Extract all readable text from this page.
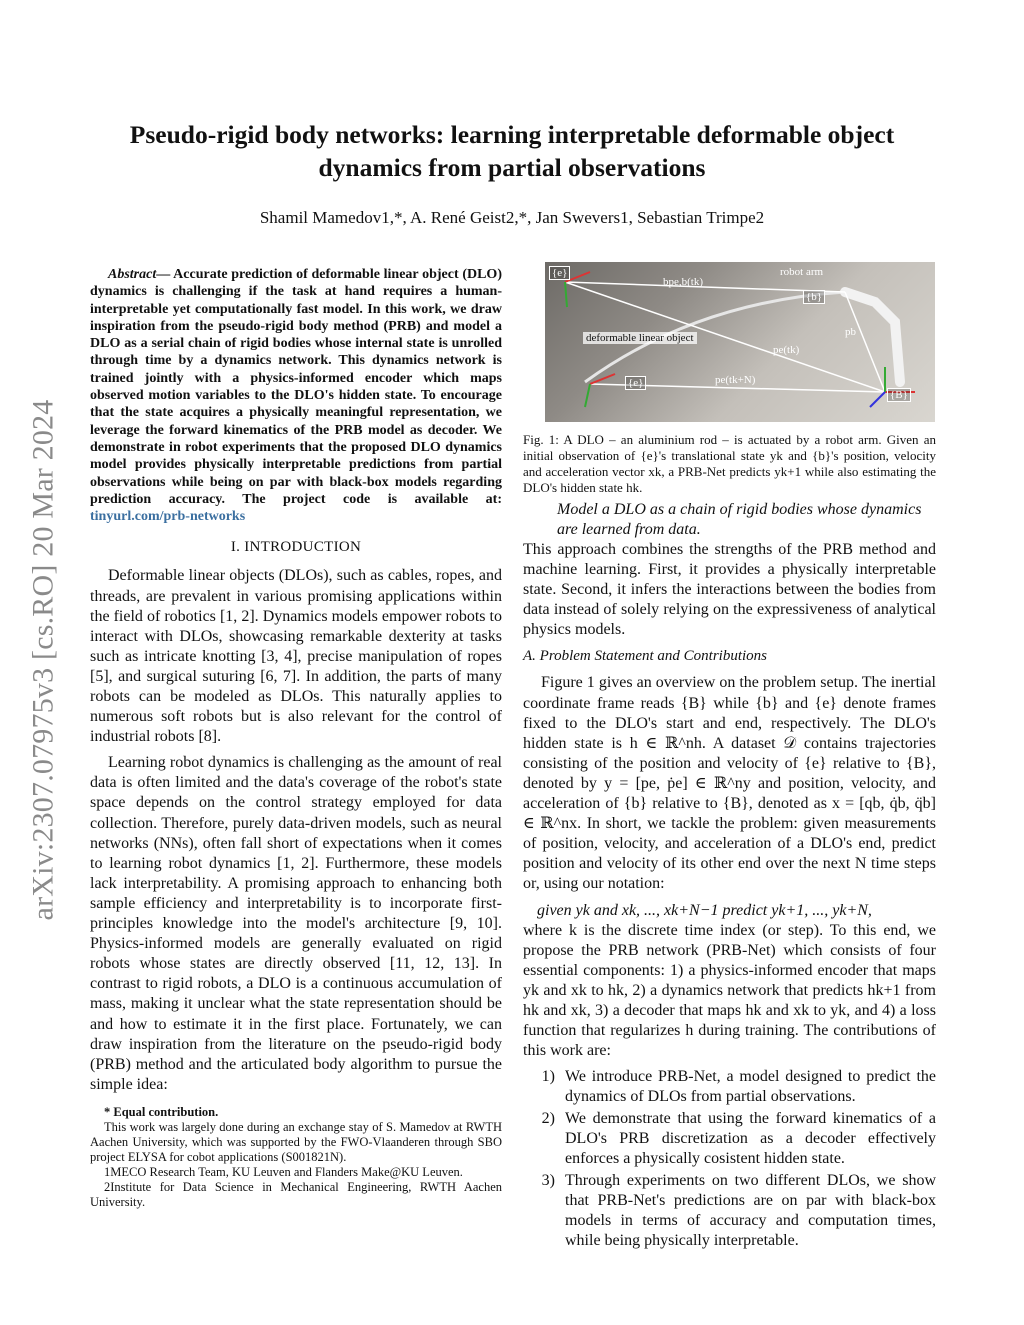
arXiv:2307.07975v3 [cs.RO] 20 Mar 2024
Pseudo-rigid body networks: learning interpretable deformable object dynamics from partial observations
Shamil Mamedov1,*, A. René Geist2,*, Jan Swevers1, Sebastian Trimpe2

Abstract— Accurate prediction of deformable linear object (DLO) dynamics is challenging if the task at hand requires a human-interpretable yet computationally fast model. In this work, we draw inspiration from the pseudo-rigid body method (PRB) and model a DLO as a serial chain of rigid bodies whose internal state is unrolled through time by a dynamics network. This dynamics network is trained jointly with a physics-informed encoder which maps observed motion variables to the DLO's hidden state. To encourage that the state acquires a physically meaningful representation, we leverage the forward kinematics of the PRB model as decoder. We demonstrate in robot experiments that the proposed DLO dynamics model provides physically interpretable predictions from partial observations while being on par with black-box models regarding prediction accuracy. The project code is available at: tinyurl.com/prb-networks

I. INTRODUCTION

Deformable linear objects (DLOs), such as cables, ropes, and threads, are prevalent in various promising applications within the field of robotics [1, 2]. Dynamics models empower robots to interact with DLOs, showcasing remarkable dexterity at tasks such as intricate knotting [3, 4], precise manipulation of ropes [5], and surgical suturing [6, 7]. In addition, the parts of many robots can be modeled as DLOs. This naturally applies to numerous soft robots but is also relevant for the control of industrial robots [8].

Learning robot dynamics is challenging as the amount of real data is often limited and the data's coverage of the robot's state space depends on the control strategy employed for data collection. Therefore, purely data-driven models, such as neural networks (NNs), often fall short of expectations when it comes to learning robot dynamics [1, 2]. Furthermore, these models lack interpretability. A promising approach to enhancing both sample efficiency and interpretability is to incorporate first-principles knowledge into the model's architecture [9, 10]. Physics-informed models are generally evaluated on rigid robots whose states are directly observed [11, 12, 13]. In contrast to rigid robots, a DLO is a continuous accumulation of mass, making it unclear what the state representation should be and how to estimate it in the first place. Fortunately, we can draw inspiration from the literature on the pseudo-rigid body (PRB) method and the articulated body algorithm to pursue the simple idea:

* Equal contribution.

This work was largely done during an exchange stay of S. Mamedov at RWTH Aachen University, which was supported by the FWO-Vlaanderen through SBO project ELYSA for cobot applications (S001821N).

1MECO Research Team, KU Leuven and Flanders Make@KU Leuven.

2Institute for Data Science in Mechanical Engineering, RWTH Aachen University.

{e}
bpe,b(tk)
robot arm
{b}
pb
deformable linear object
pe(tk)
{e}	pe(tk+N)
{B}

Fig. 1: A DLO – an aluminium rod – is actuated by a robot arm. Given an initial observation of {e}'s translational state yk and {b}'s position, velocity and acceleration vector xk, a PRB-Net predicts yk+1 while also estimating the DLO's hidden state hk.

Model a DLO as a chain of rigid bodies whose dynamics are learned from data.

This approach combines the strengths of the PRB method and machine learning. First, it provides a physically interpretable state. Second, it infers the interactions between the bodies from data instead of solely relying on the expressiveness of analytical physics models.

A. Problem Statement and Contributions

Figure 1 gives an overview on the problem setup. The inertial coordinate frame reads {B} while {b} and {e} denote frames fixed to the DLO's start and end, respectively. The DLO's hidden state is h ∈ ℝ^nh. A dataset 𝒟 contains trajectories consisting of the position and velocity of {e} relative to {B}, denoted by y = [pe, ṗe] ∈ ℝ^ny and position, velocity, and acceleration of {b} relative to {B}, denoted as x = [qb, q̇b, q̈b] ∈ ℝ^nx. In short, we tackle the problem: given measurements of position, velocity, and acceleration of a DLO's end, predict position and velocity of its other end over the next N time steps or, using our notation:

given yk and xk, ..., xk+N−1 predict yk+1, ..., yk+N,

where k is the discrete time index (or step). To this end, we propose the PRB network (PRB-Net) which consists of four essential components: 1) a physics-informed encoder that maps yk and xk to hk, 2) a dynamics network that predicts hk+1 from hk and xk, 3) a decoder that maps hk and xk to yk, and 4) a loss function that regularizes h during training. The contributions of this work are:

1) We introduce PRB-Net, a model designed to predict the dynamics of DLOs from partial observations.
2) We demonstrate that using the forward kinematics of a DLO's PRB discretization as a decoder effectively enforces a physically cosistent hidden state.
3) Through experiments on two different DLOs, we show that PRB-Net's predictions are on par with black-box models in terms of accuracy and computation times, while being physically interpretable.
